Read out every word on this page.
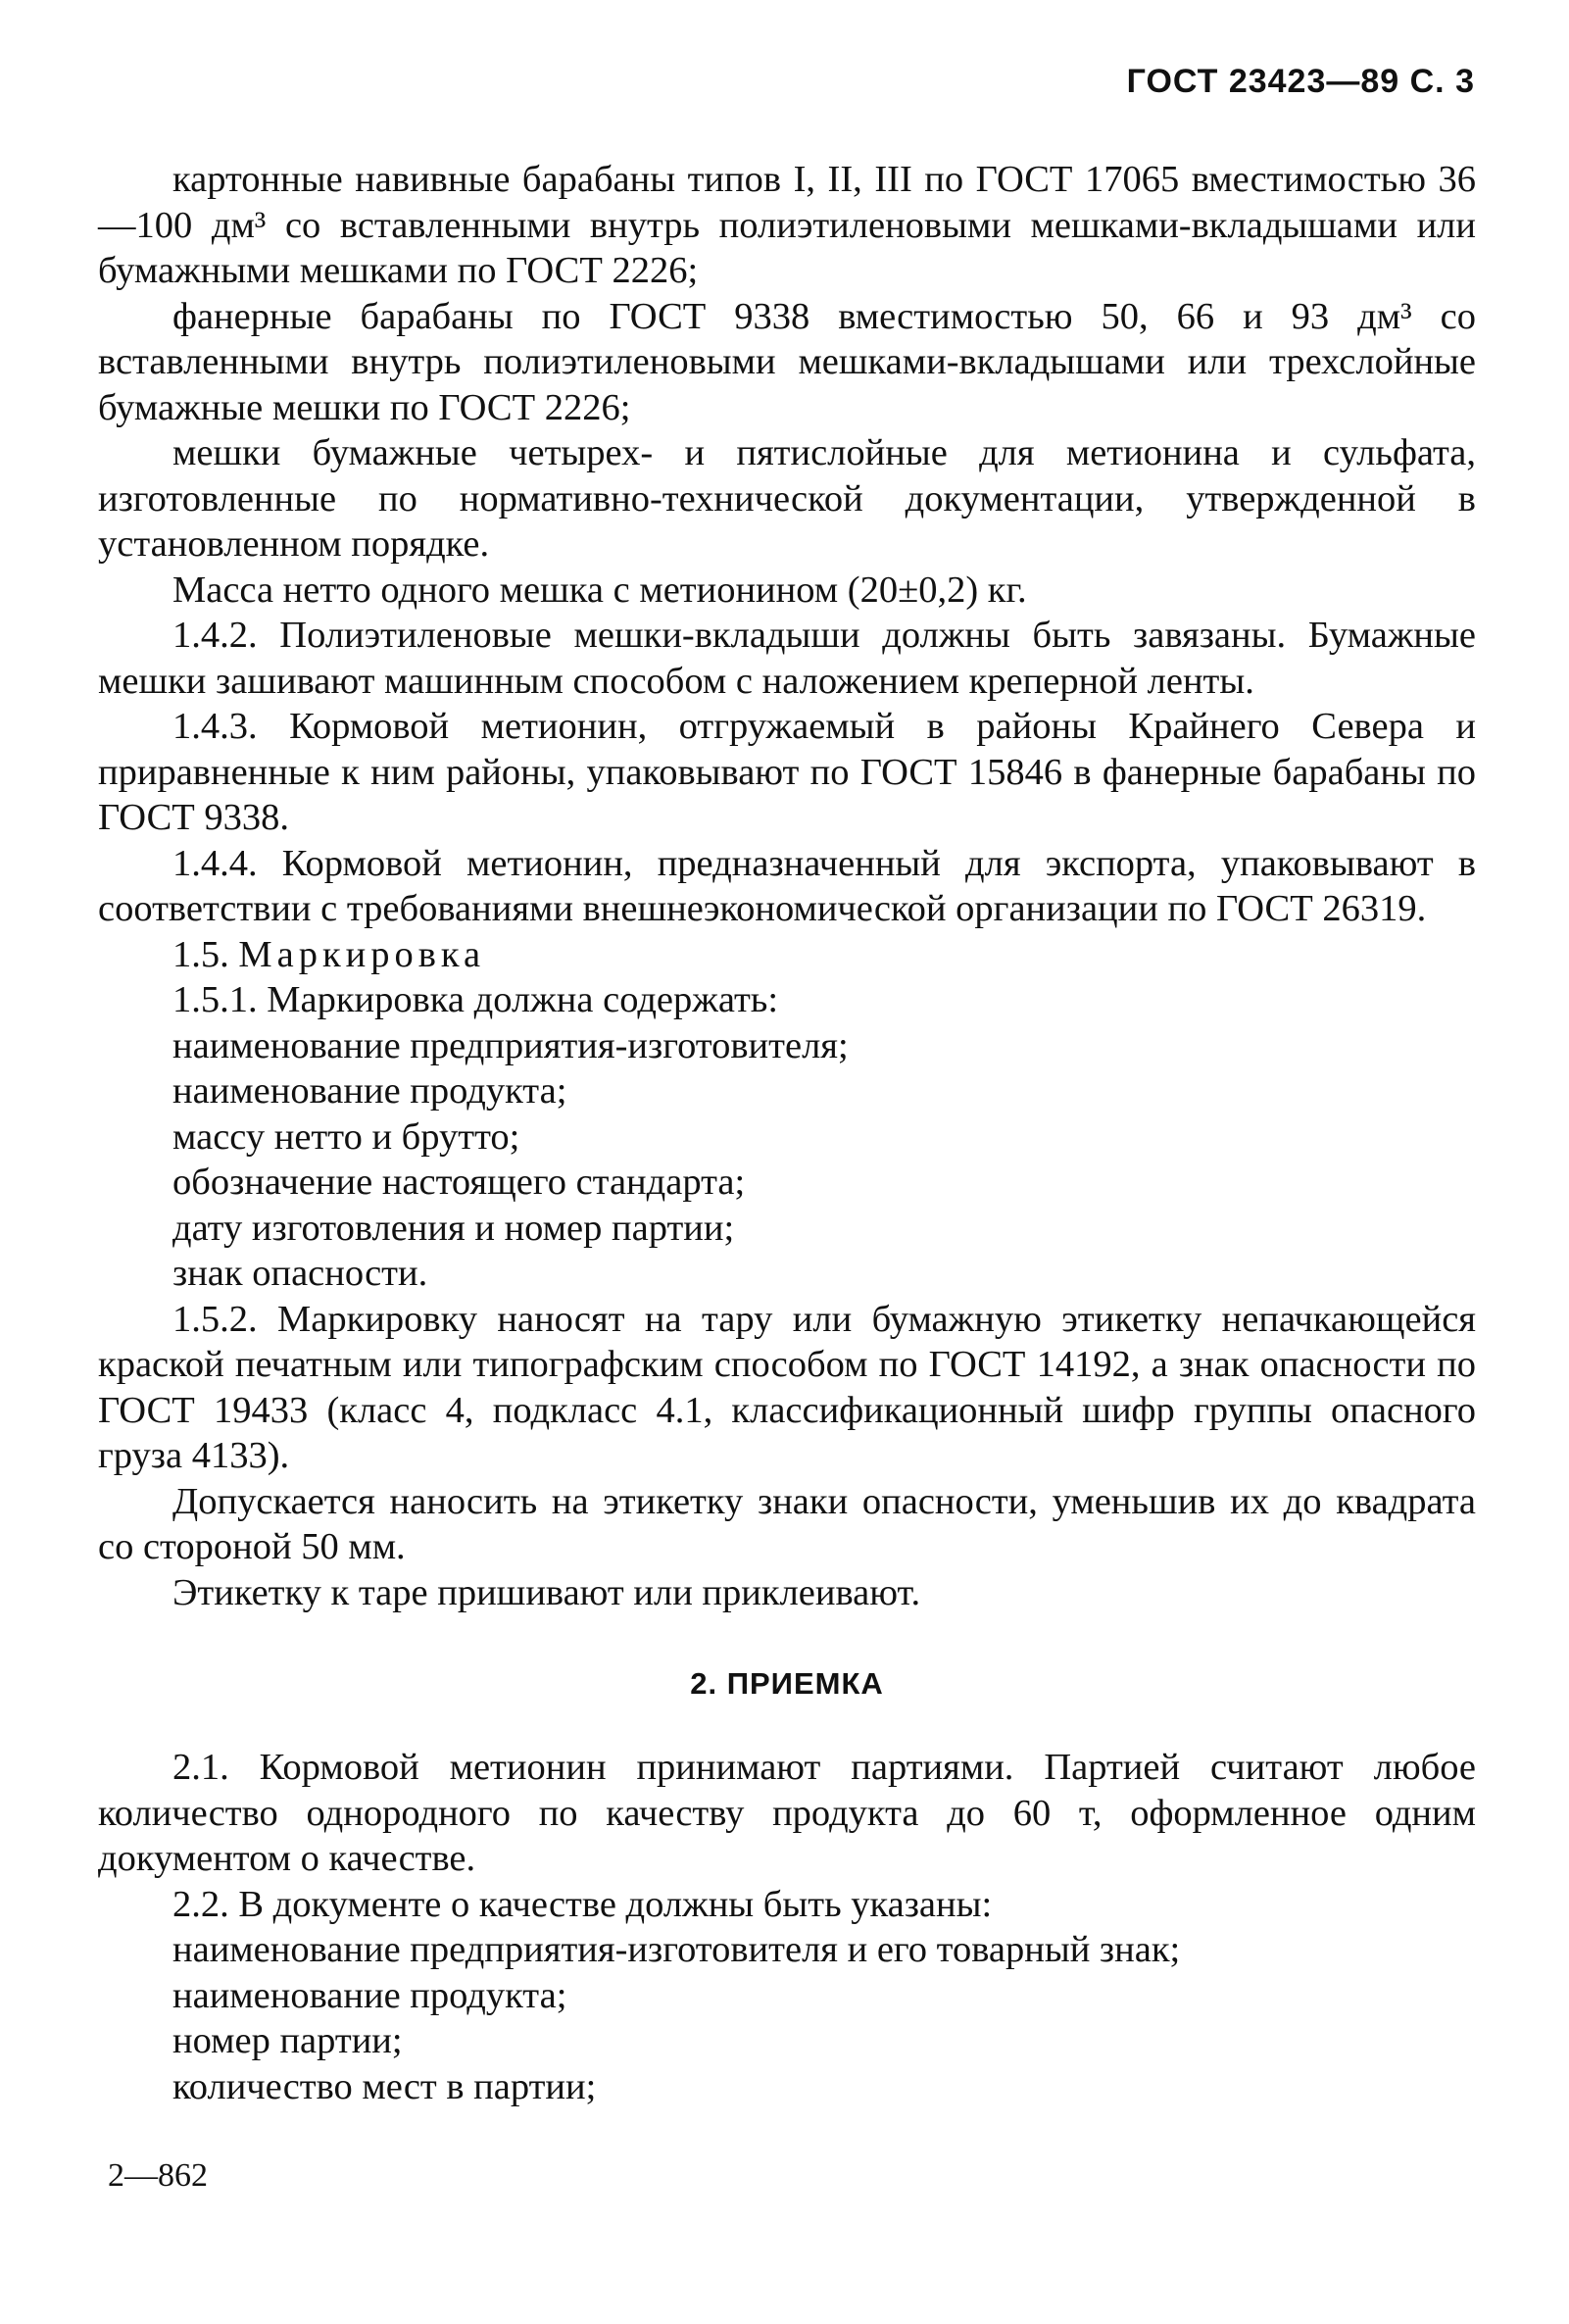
ГОСТ 23423—89 С. 3

картонные навивные барабаны типов I, II, III по ГОСТ 17065 вместимостью 36—100 дм³ со вставленными внутрь полиэтиленовыми мешками-вкладышами или бумажными мешками по ГОСТ 2226;

фанерные барабаны по ГОСТ 9338 вместимостью 50, 66 и 93 дм³ со вставленными внутрь полиэтиленовыми мешками-вкладышами или трехслойные бумажные мешки по ГОСТ 2226;

мешки бумажные четырех- и пятислойные для метионина и сульфата, изготовленные по нормативно-технической документации, утвержденной в установленном порядке.

Масса нетто одного мешка с метионином (20±0,2) кг.

1.4.2. Полиэтиленовые мешки-вкладыши должны быть завязаны. Бумажные мешки зашивают машинным способом с наложением креперной ленты.

1.4.3. Кормовой метионин, отгружаемый в районы Крайнего Севера и приравненные к ним районы, упаковывают по ГОСТ 15846 в фанерные барабаны по ГОСТ 9338.

1.4.4. Кормовой метионин, предназначенный для экспорта, упаковывают в соответствии с требованиями внешнеэкономической организации по ГОСТ 26319.

1.5. Маркировка

1.5.1. Маркировка должна содержать:

наименование предприятия-изготовителя;

наименование продукта;

массу нетто и брутто;

обозначение настоящего стандарта;

дату изготовления и номер партии;

знак опасности.

1.5.2. Маркировку наносят на тару или бумажную этикетку непачкающейся краской печатным или типографским способом по ГОСТ 14192, а знак опасности по ГОСТ 19433 (класс 4, подкласс 4.1, классификационный шифр группы опасного груза 4133).

Допускается наносить на этикетку знаки опасности, уменьшив их до квадрата со стороной 50 мм.

Этикетку к таре пришивают или приклеивают.

2. ПРИЕМКА

2.1. Кормовой метионин принимают партиями. Партией считают любое количество однородного по качеству продукта до 60 т, оформленное одним документом о качестве.

2.2. В документе о качестве должны быть указаны:

наименование предприятия-изготовителя и его товарный знак;

наименование продукта;

номер партии;

количество мест в партии;

2—862
